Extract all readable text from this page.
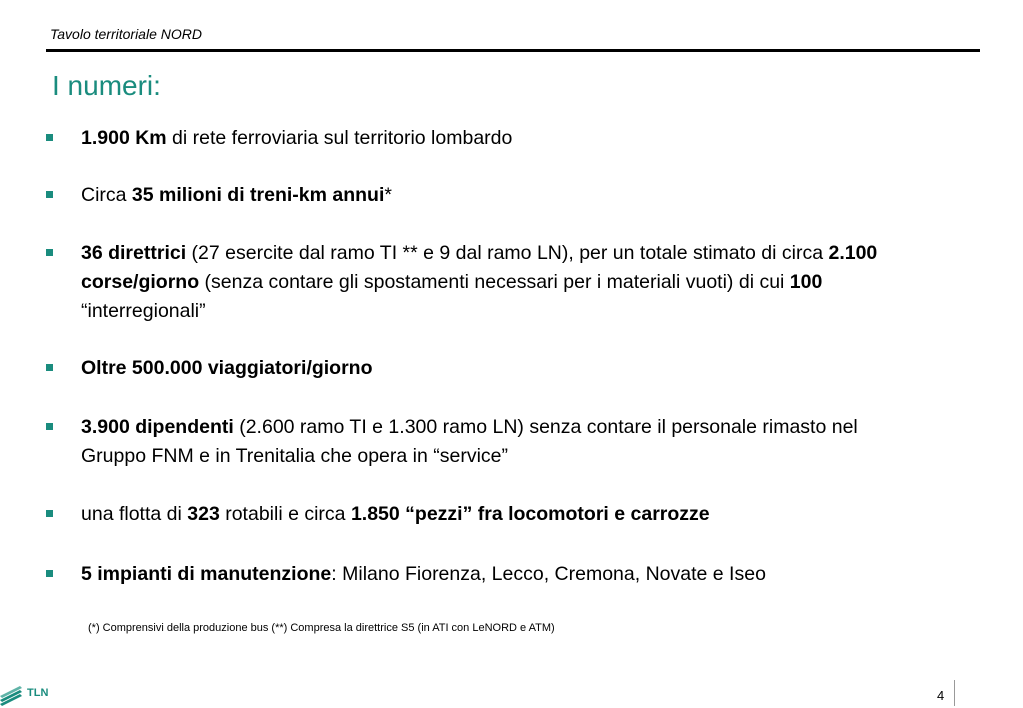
Tavolo territoriale NORD
I numeri:
1.900 Km di rete ferroviaria sul territorio lombardo
Circa 35 milioni di treni-km annui*
36 direttrici (27 esercite dal ramo TI ** e 9 dal ramo LN), per un totale stimato di circa 2.100 corse/giorno (senza contare gli spostamenti necessari per i materiali vuoti) di cui 100 “interregionali”
Oltre 500.000 viaggiatori/giorno
3.900 dipendenti (2.600 ramo TI e 1.300 ramo LN) senza contare il personale rimasto nel Gruppo FNM e in Trenitalia che opera in “service”
una flotta di 323 rotabili e circa 1.850 “pezzi” fra locomotori e carrozze
5 impianti di manutenzione: Milano Fiorenza, Lecco, Cremona, Novate e Iseo
(*) Comprensivi della produzione bus (**) Compresa la direttrice S5 (in ATI con LeNORD e ATM)
TLN	4
